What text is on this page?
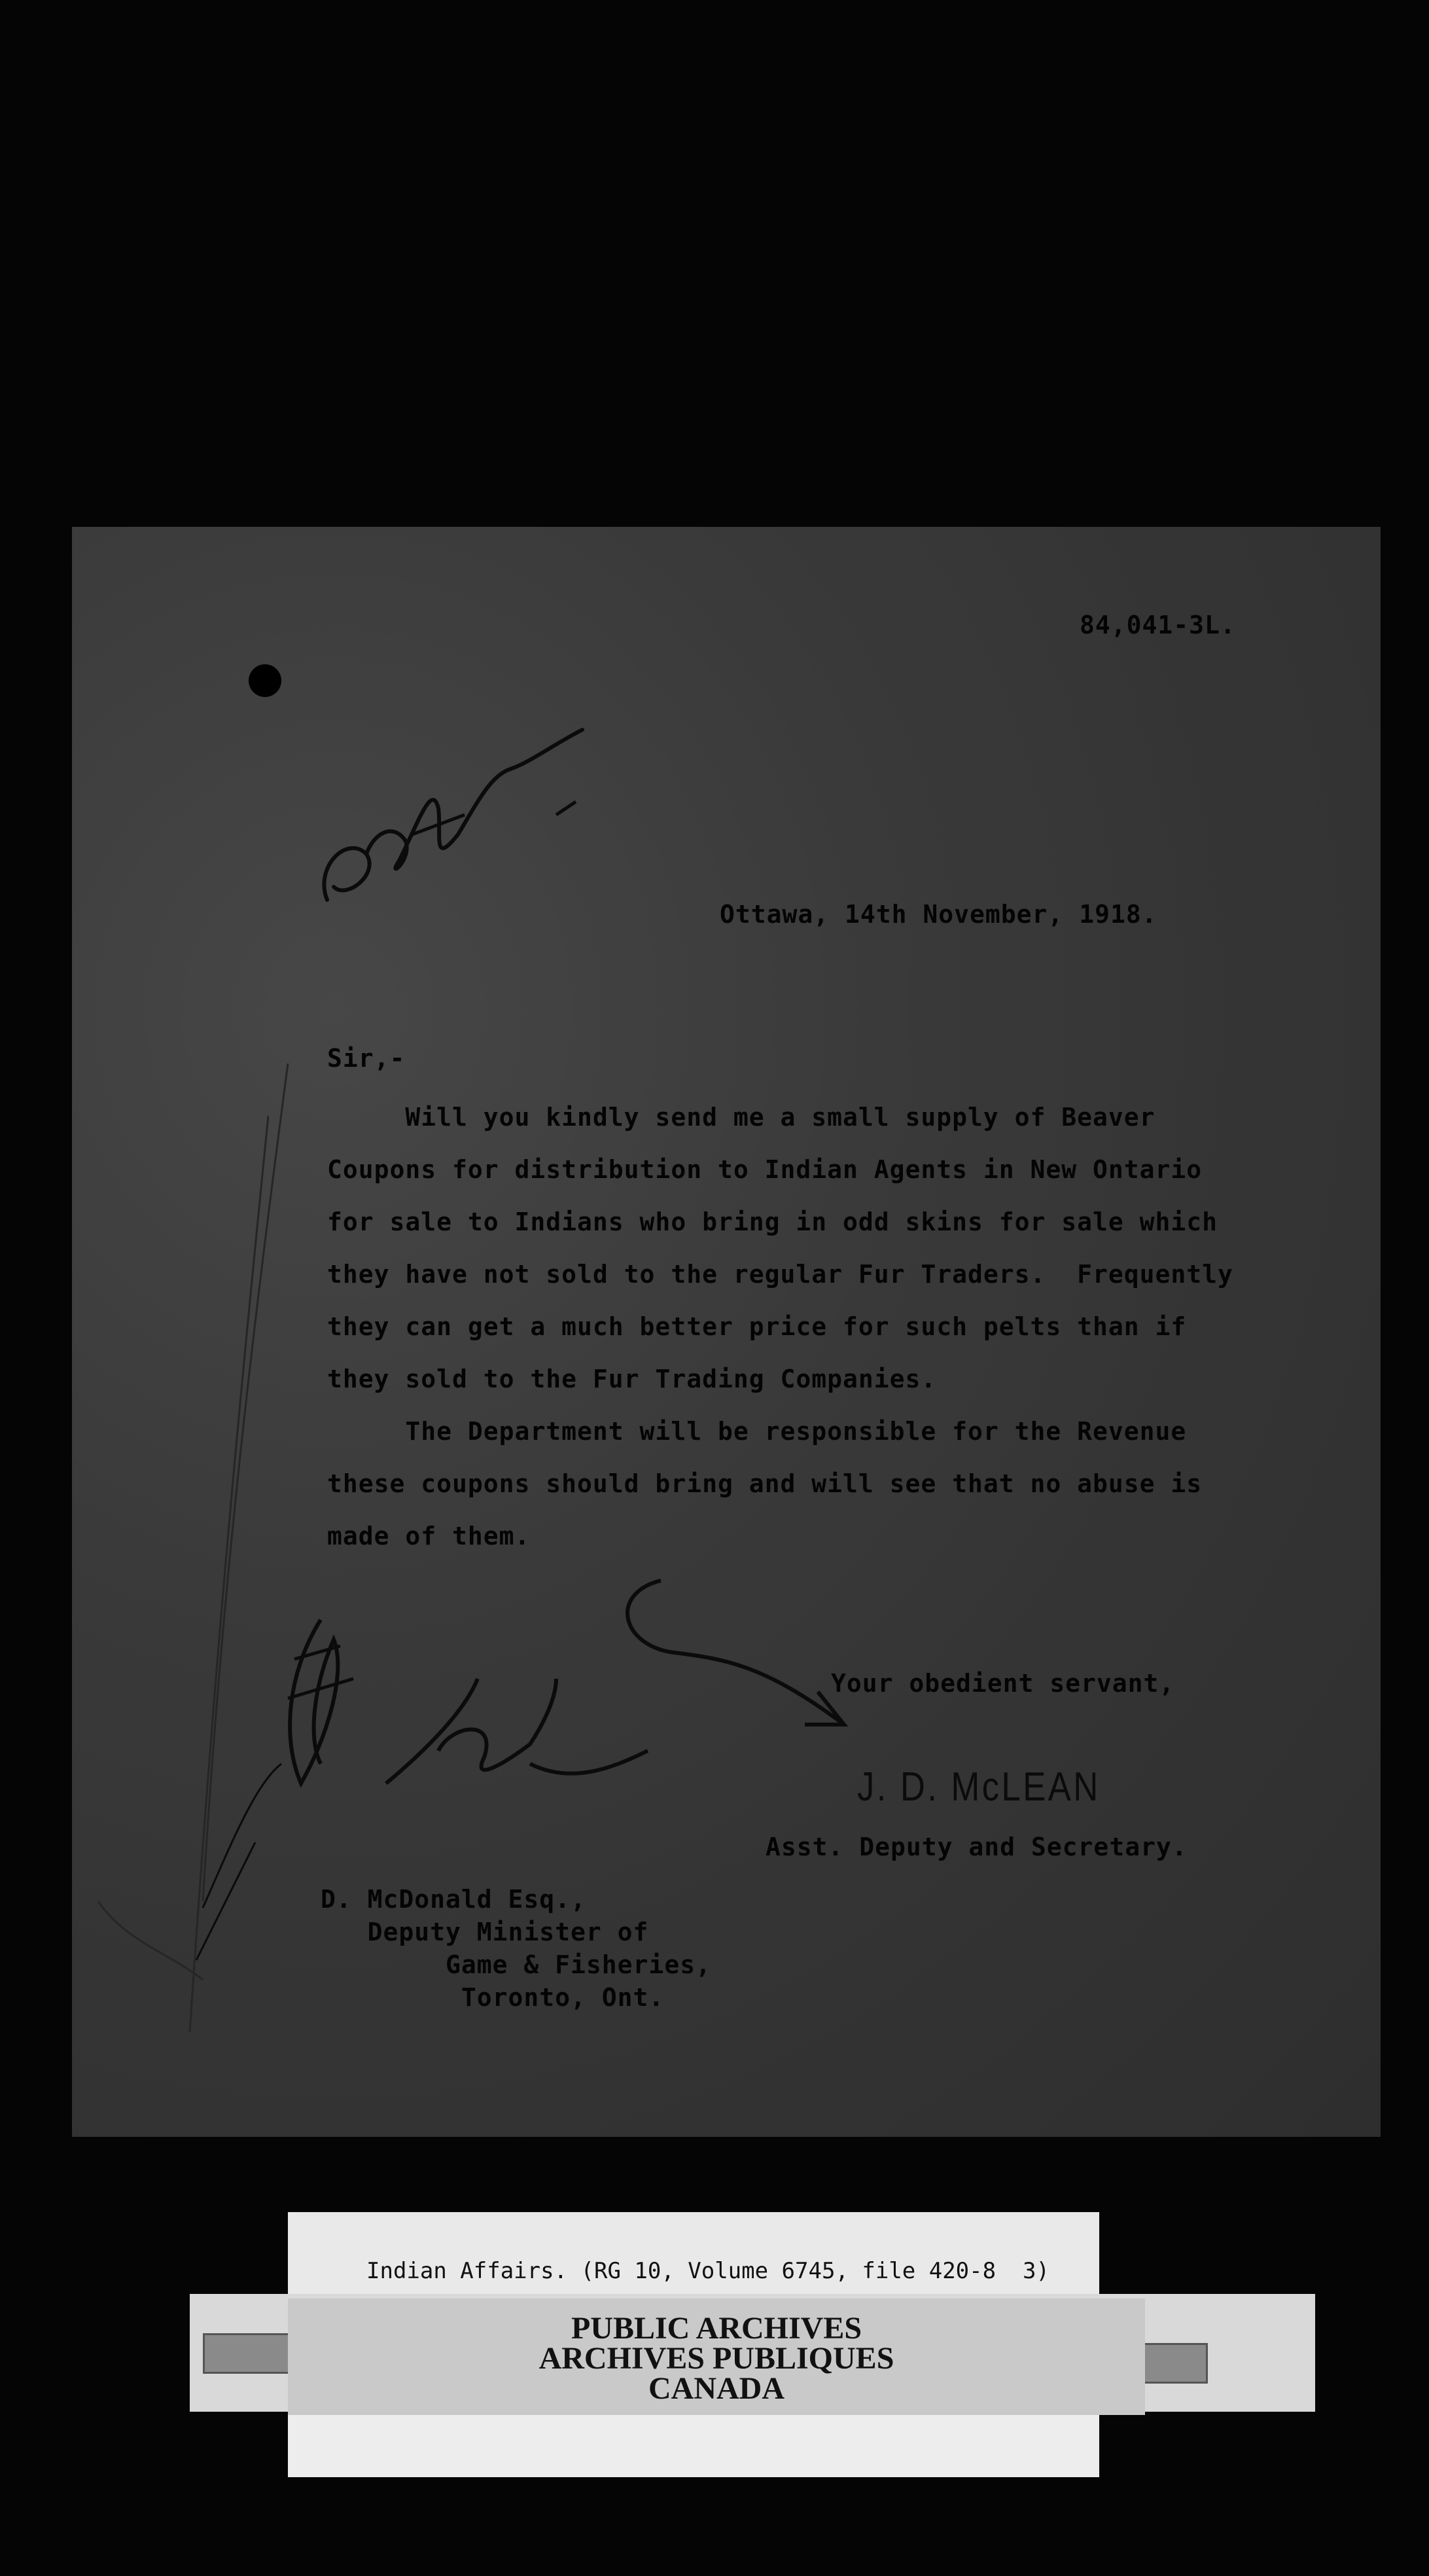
84,041-3L.

Ottawa, 14th November, 1918.

Sir,-

Will you kindly send me a small supply of Beaver

Coupons for distribution to Indian Agents in New Ontario

for sale to Indians who bring in odd skins for sale which

they have not sold to the regular Fur Traders.  Frequently

they can get a much better price for such pelts than if

they sold to the Fur Trading Companies.

The Department will be responsible for the Revenue

these coupons should bring and will see that no abuse is

made of them.

Your obedient servant,

J. D. McLEAN

Asst. Deputy and Secretary.

D. McDonald Esq.,

Deputy Minister of

Game & Fisheries,

Toronto, Ont.

Indian Affairs. (RG 10, Volume 6745, file 420-8  3)
PUBLIC ARCHIVES
ARCHIVES PUBLIQUES
CANADA
